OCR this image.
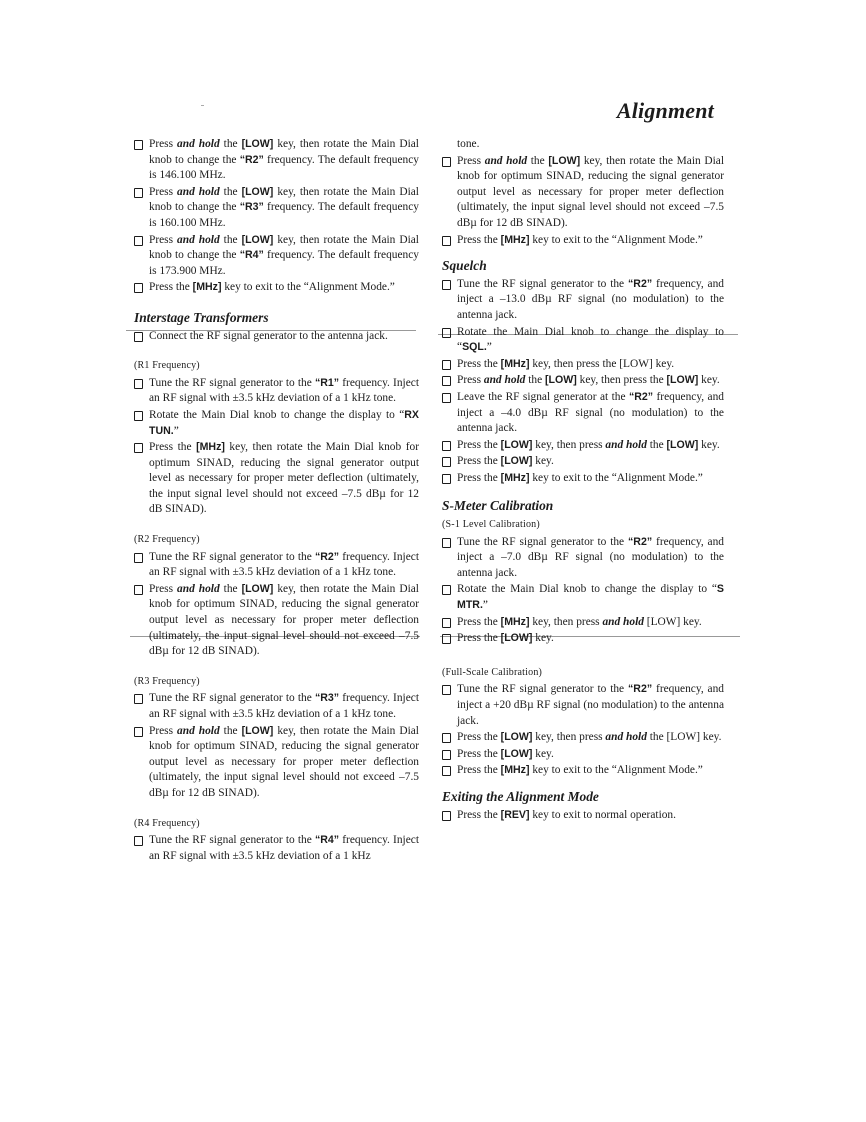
Alignment
Press and hold the [LOW] key, then rotate the Main Dial knob to change the “R2” frequency. The default frequency is 146.100 MHz.
Press and hold the [LOW] key, then rotate the Main Dial knob to change the “R3” frequency. The default frequency is 160.100 MHz.
Press and hold the [LOW] key, then rotate the Main Dial knob to change the “R4” frequency. The default frequency is 173.900 MHz.
Press the [MHz] key to exit to the “Alignment Mode.”
Interstage Transformers
Connect the RF signal generator to the antenna jack.
(R1 Frequency)
Tune the RF signal generator to the “R1” frequency. Inject an RF signal with ±3.5 kHz deviation of a 1 kHz tone.
Rotate the Main Dial knob to change the display to “RX TUN.”
Press the [MHz] key, then rotate the Main Dial knob for optimum SINAD, reducing the signal generator output level as necessary for proper meter deflection (ultimately, the input signal level should not exceed –7.5 dBµ for 12 dB SINAD).
(R2 Frequency)
Tune the RF signal generator to the “R2” frequency. Inject an RF signal with ±3.5 kHz deviation of a 1 kHz tone.
Press and hold the [LOW] key, then rotate the Main Dial knob for optimum SINAD, reducing the signal generator output level as necessary for proper meter deflection (ultimately, the input signal level should not exceed –7.5 dBµ for 12 dB SINAD).
(R3 Frequency)
Tune the RF signal generator to the “R3” frequency. Inject an RF signal with ±3.5 kHz deviation of a 1 kHz tone.
Press and hold the [LOW] key, then rotate the Main Dial knob for optimum SINAD, reducing the signal generator output level as necessary for proper meter deflection (ultimately, the input signal level should not exceed –7.5 dBµ for 12 dB SINAD).
(R4 Frequency)
Tune the RF signal generator to the “R4” frequency. Inject an RF signal with ±3.5 kHz deviation of a 1 kHz
tone.
Press and hold the [LOW] key, then rotate the Main Dial knob for optimum SINAD, reducing the signal generator output level as necessary for proper meter deflection (ultimately, the input signal level should not exceed –7.5 dBµ for 12 dB SINAD).
Press the [MHz] key to exit to the “Alignment Mode.”
Squelch
Tune the RF signal generator to the “R2” frequency, and inject a –13.0 dBµ RF signal (no modulation) to the antenna jack.
Rotate the Main Dial knob to change the display to “SQL.”
Press the [MHz] key, then press the [LOW] key.
Press and hold the [LOW] key, then press the [LOW] key.
Leave the RF signal generator at the “R2” frequency, and inject a –4.0 dBµ RF signal (no modulation) to the antenna jack.
Press the [LOW] key, then press and hold the [LOW] key.
Press the [LOW] key.
Press the [MHz] key to exit to the “Alignment Mode.”
S-Meter Calibration
(S-1 Level Calibration)
Tune the RF signal generator to the “R2” frequency, and inject a –7.0 dBµ RF signal (no modulation) to the antenna jack.
Rotate the Main Dial knob to change the display to “S MTR.”
Press the [MHz] key, then press and hold [LOW] key.
Press the [LOW] key.
(Full-Scale Calibration)
Tune the RF signal generator to the “R2” frequency, and inject a +20 dBµ RF signal (no modulation) to the antenna jack.
Press the [LOW] key, then press and hold the [LOW] key.
Press the [LOW] key.
Press the [MHz] key to exit to the “Alignment Mode.”
Exiting the Alignment Mode
Press the [REV] key to exit to normal operation.
